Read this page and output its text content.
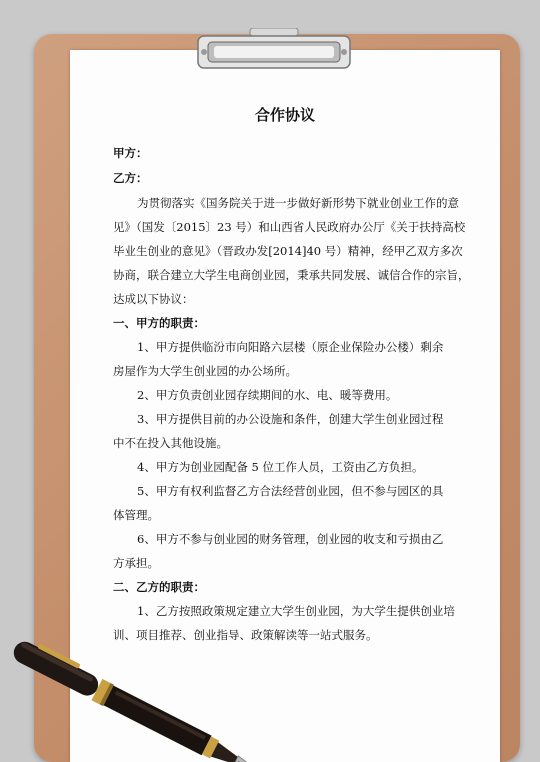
合作协议
甲方：
乙方：
为贯彻落实《国务院关于进一步做好新形势下就业创业工作的意
见》（国发〔2015〕23 号）和山西省人民政府办公厅《关于扶持高校
毕业生创业的意见》（晋政办发[2014]40 号）精神，经甲乙双方多次
协商，联合建立大学生电商创业园，秉承共同发展、诚信合作的宗旨，
达成以下协议：
一、甲方的职责：
1、甲方提供临汾市向阳路六层楼（原企业保险办公楼）剩余
房屋作为大学生创业园的办公场所。
2、甲方负责创业园存续期间的水、电、暖等费用。
3、甲方提供目前的办公设施和条件，创建大学生创业园过程
中不在投入其他设施。
4、甲方为创业园配备 5 位工作人员，工资由乙方负担。
5、甲方有权利监督乙方合法经营创业园，但不参与园区的具
体管理。
6、甲方不参与创业园的财务管理，创业园的收支和亏损由乙
方承担。
二、乙方的职责：
1、乙方按照政策规定建立大学生创业园，为大学生提供创业培
训、项目推荐、创业指导、政策解读等一站式服务。
